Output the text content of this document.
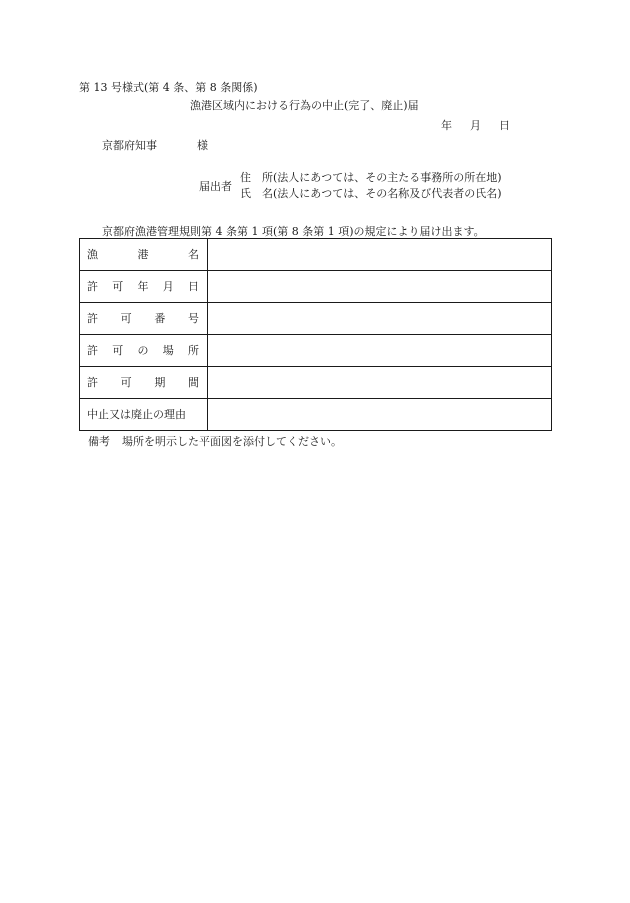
第 13 号様式(第 4 条、第 8 条関係)
漁港区域内における行為の中止(完了、廃止)届
年 月 日
京都府知事	様
届出者
住 所(法人にあつては、その主たる事務所の所在地)
氏 名(法人にあつては、その名称及び代表者の氏名)
京都府漁港管理規則第 4 条第 1 項(第 8 条第 1 項)の規定により届け出ます。
漁 港 名	

許 可 年 月 日	

許 可 番 号	

許 可 の 場 所	

許 可 期 間	

中止又は廃止の理由	

備考 場所を明示した平面図を添付してください。
